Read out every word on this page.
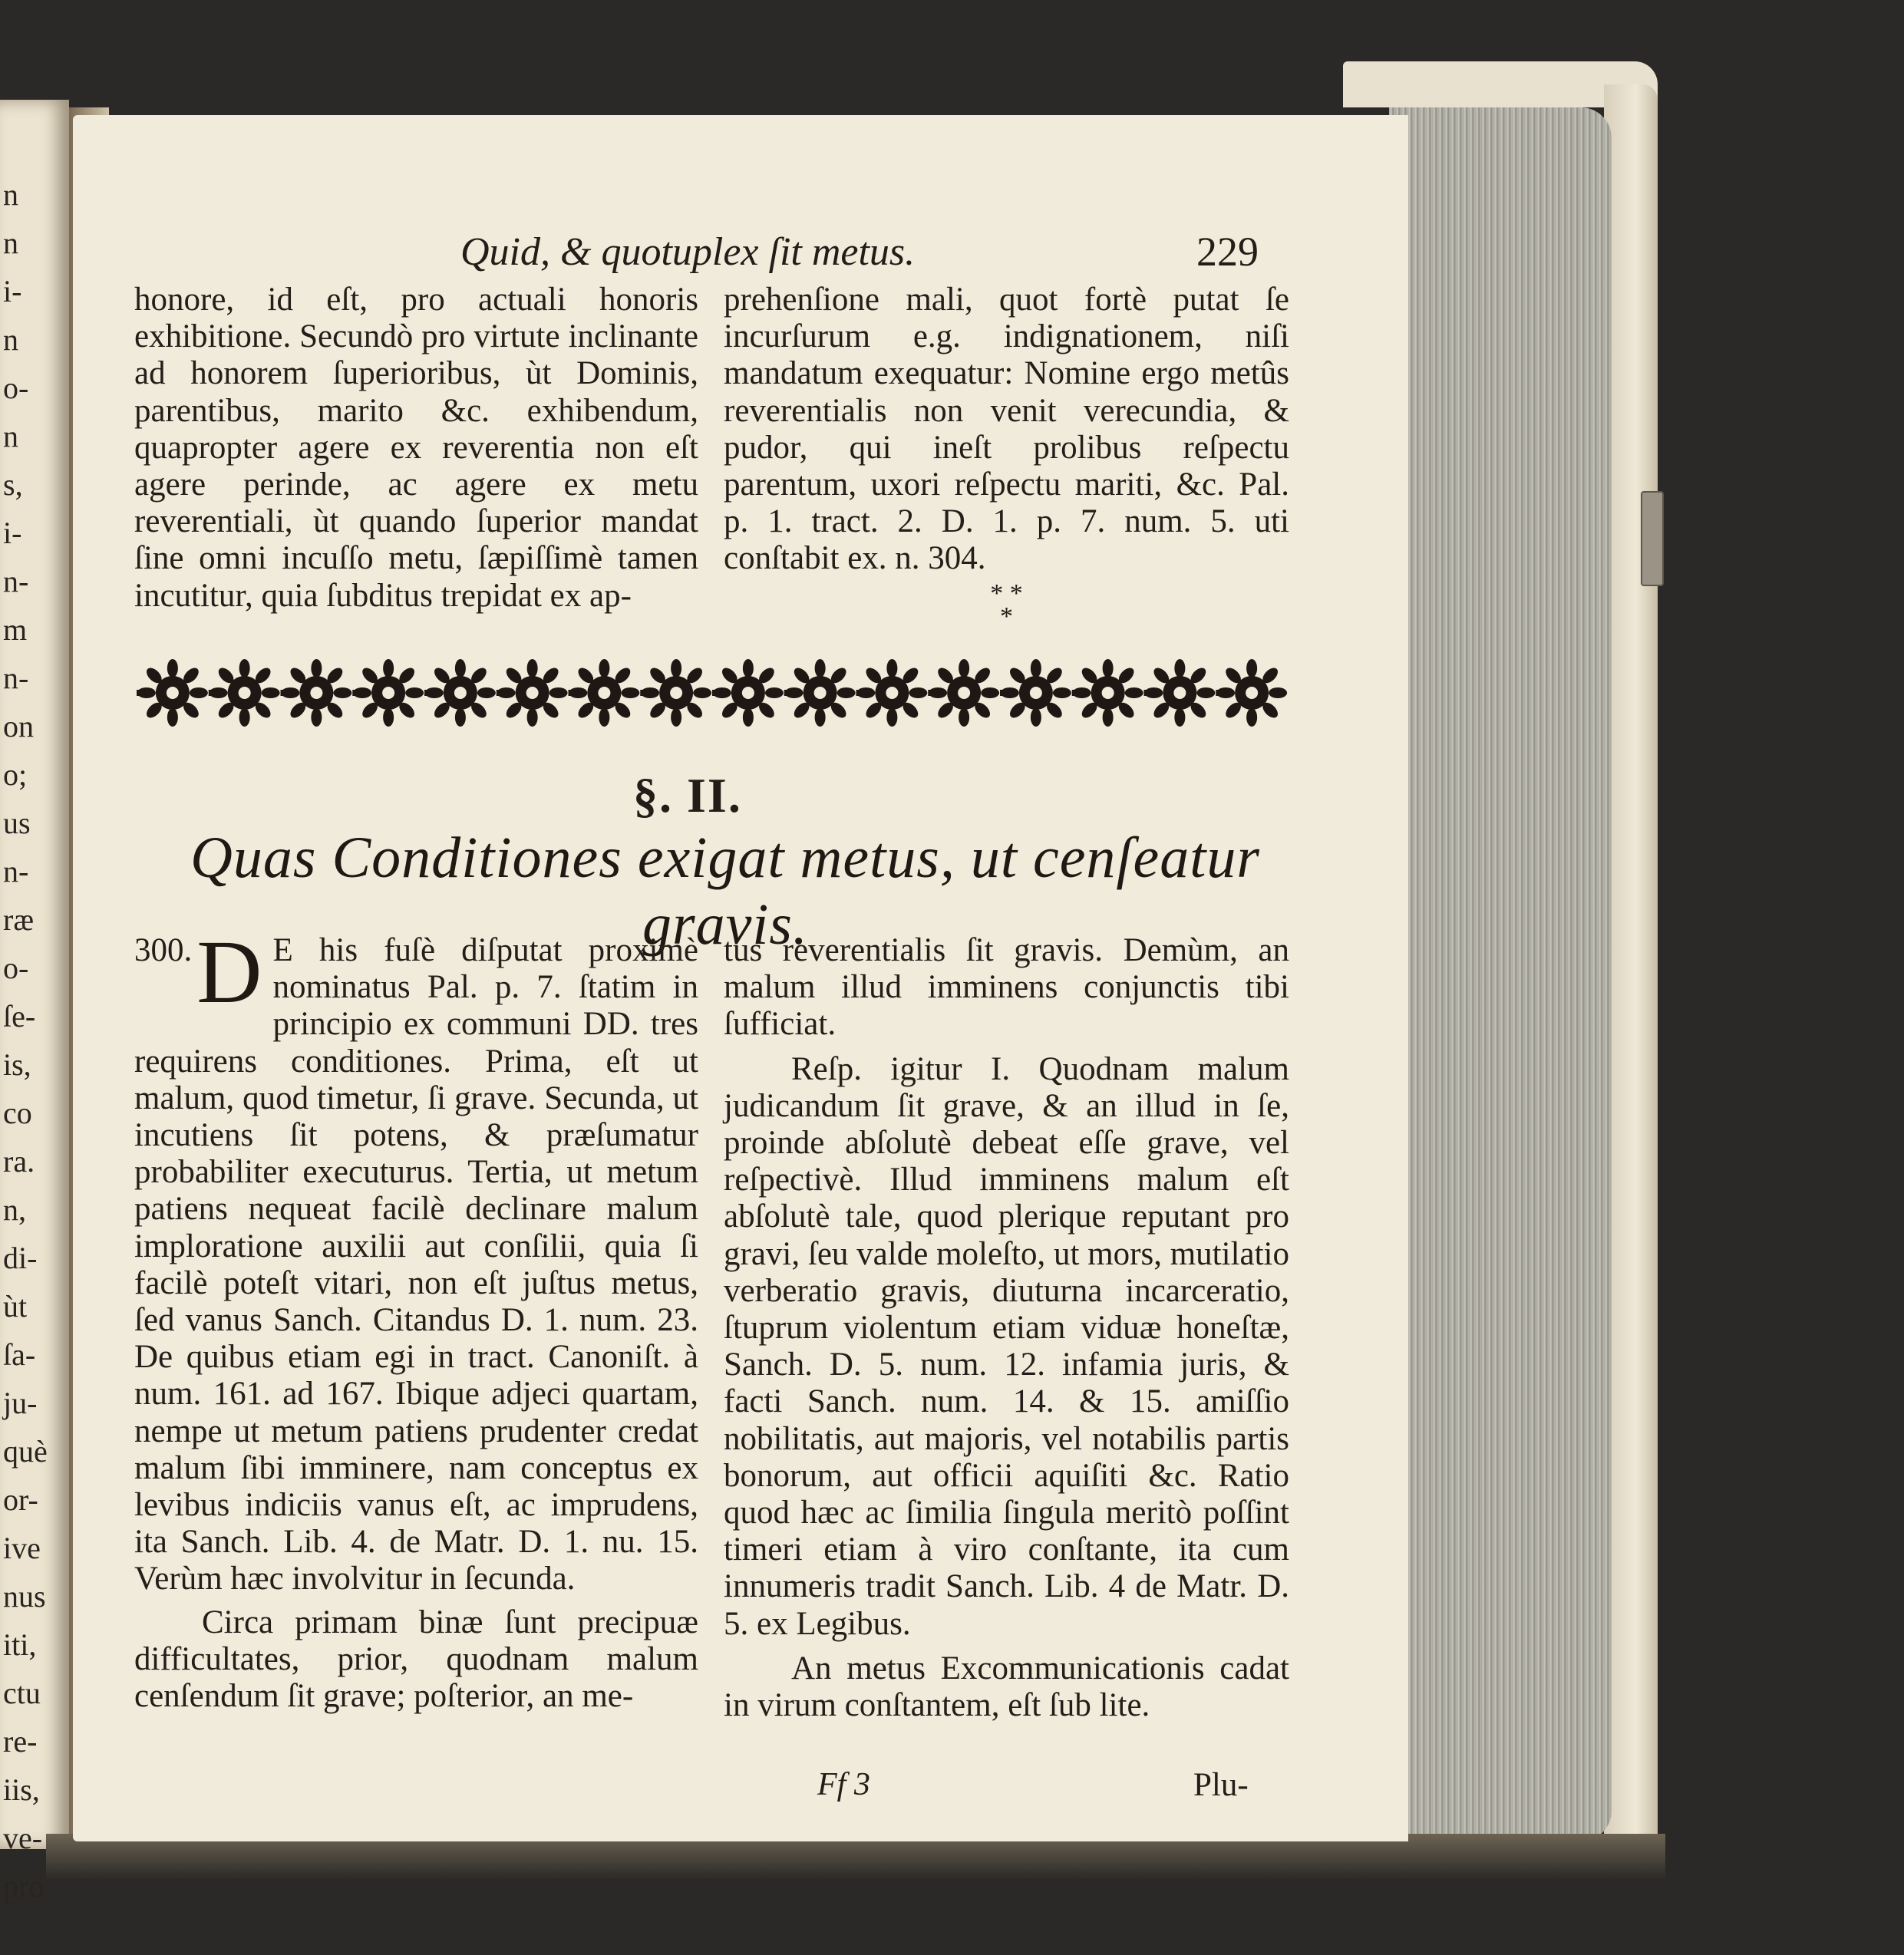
n
n
i-
n
o-
n
s,
i-
n-
m
n-
on
o;
us
n-
ræ
o-
ſe-
is,
co
ra.
n,
di-
ùt
ſa-
ju-
què
or-
ive
nus
iti,
ctu
re-
iis,
ve-
pro
Quid, & quotuplex ſit metus.	229

honore, id eſt, pro actuali honoris exhibitione. Secundò pro virtute inclinante ad honorem ſuperioribus, ùt Dominis, parentibus, marito &c. exhibendum, quapropter agere ex reverentia non eſt agere perinde, ac agere ex metu reverentiali, ùt quando ſuperior mandat ſine omni incuſſo metu, ſæpiſſimè tamen incutitur, quia ſubditus trepidat ex ap-

prehenſione mali, quot fortè putat ſe incurſurum e.g. indignationem, niſi mandatum exequatur: Nomine ergo metûs reverentialis non venit verecundia, & pudor, qui ineſt prolibus reſpectu parentum, uxori reſpectu mariti, &c. Pal. p. 1. tract. 2. D. 1. p. 7. num. 5. uti conſtabit ex. n. 304.

* *
*
§. II.
Quas Conditiones exigat metus, ut cenſeatur gravis.

300. D E his fuſè diſputat proximè nominatus Pal. p. 7. ſtatim in principio ex communi DD. tres requirens conditiones. Prima, eſt ut malum, quod timetur, ſi grave. Secunda, ut incutiens ſit potens, & præſumatur probabiliter executurus. Tertia, ut metum patiens nequeat facilè declinare malum imploratione auxilii aut conſilii, quia ſi facilè poteſt vitari, non eſt juſtus metus, ſed vanus Sanch. Citandus D. 1. num. 23. De quibus etiam egi in tract. Canoniſt. à num. 161. ad 167. Ibique adjeci quartam, nempe ut metum patiens prudenter credat malum ſibi imminere, nam conceptus ex levibus indiciis vanus eſt, ac imprudens, ita Sanch. Lib. 4. de Matr. D. 1. nu. 15. Verùm hæc involvitur in ſecunda.

Circa primam binæ ſunt precipuæ difficultates, prior, quodnam malum cenſendum ſit grave; poſterior, an me-

tus reverentialis ſit gravis. Demùm, an malum illud imminens conjunctis tibi ſufficiat.

Reſp. igitur I. Quodnam malum judicandum ſit grave, & an illud in ſe, proinde abſolutè debeat eſſe grave, vel reſpectivè. Illud imminens malum eſt abſolutè tale, quod plerique reputant pro gravi, ſeu valde moleſto, ut mors, mutilatio verberatio gravis, diuturna incarceratio, ſtuprum violentum etiam viduæ honeſtæ, Sanch. D. 5. num. 12. infamia juris, & facti Sanch. num. 14. & 15. amiſſio nobilitatis, aut majoris, vel notabilis partis bonorum, aut officii aquiſiti &c. Ratio quod hæc ac ſimilia ſingula meritò poſſint timeri etiam à viro conſtante, ita cum innumeris tradit Sanch. Lib. 4 de Matr. D. 5. ex Legibus.

An metus Excommunicationis cadat in virum conſtantem, eſt ſub lite.

Ff 3	Plu-
